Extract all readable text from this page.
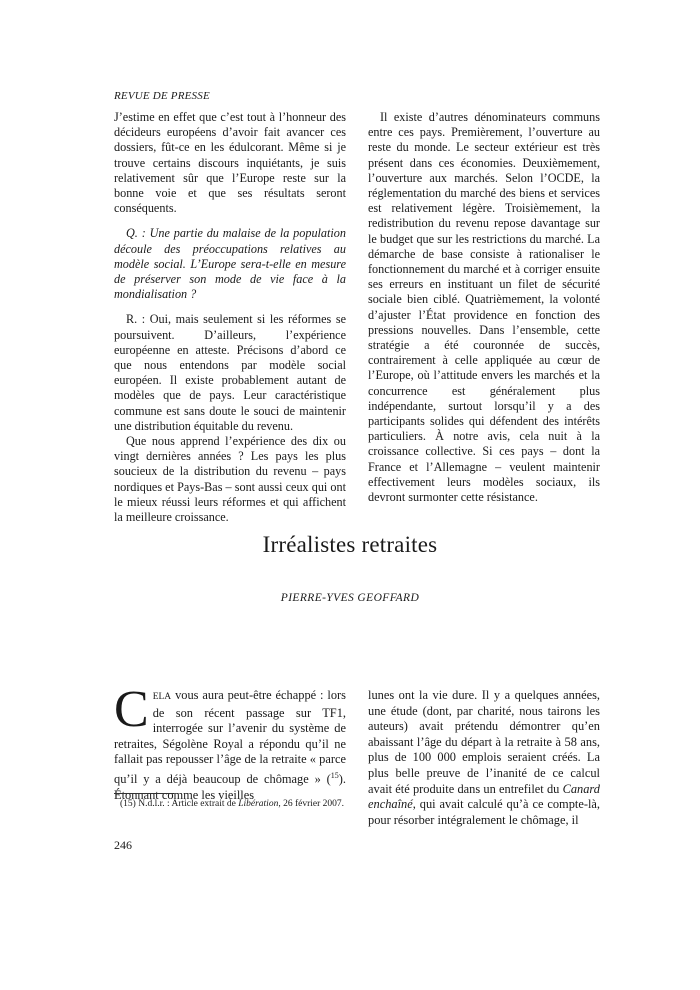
REVUE DE PRESSE

J’estime en effet que c’est tout à l’honneur des décideurs européens d’avoir fait avancer ces dossiers, fût-ce en les édulcorant. Même si je trouve certains discours inquiétants, je suis relativement sûr que l’Europe reste sur la bonne voie et que ses résultats seront conséquents.

Q. : Une partie du malaise de la population découle des préoccupations relatives au modèle social. L’Europe sera-t-elle en mesure de préserver son mode de vie face à la mondialisation ?

R. : Oui, mais seulement si les réformes se poursuivent. D’ailleurs, l’expérience européenne en atteste. Précisons d’abord ce que nous entendons par modèle social européen. Il existe probablement autant de modèles que de pays. Leur caractéristique commune est sans doute le souci de maintenir une distribution équitable du revenu.

Que nous apprend l’expérience des dix ou vingt dernières années ? Les pays les plus soucieux de la distribution du revenu – pays nordiques et Pays-Bas – sont aussi ceux qui ont le mieux réussi leurs réformes et qui affichent la meilleure croissance.

Il existe d’autres dénominateurs communs entre ces pays. Premièrement, l’ouverture au reste du monde. Le secteur extérieur est très présent dans ces économies. Deuxièmement, l’ouverture aux marchés. Selon l’OCDE, la réglementation du marché des biens et services est relativement légère. Troisièmement, la redistribution du revenu repose davantage sur le budget que sur les restrictions du marché. La démarche de base consiste à rationaliser le fonctionnement du marché et à corriger ensuite ses erreurs en instituant un filet de sécurité sociale bien ciblé. Quatrièmement, la volonté d’ajuster l’État providence en fonction des pressions nouvelles. Dans l’ensemble, cette stratégie a été couronnée de succès, contrairement à celle appliquée au cœur de l’Europe, où l’attitude envers les marchés et la concurrence est généralement plus indépendante, surtout lorsqu’il y a des participants solides qui défendent des intérêts particuliers. À notre avis, cela nuit à la croissance collective. Si ces pays – dont la France et l’Allemagne – veulent maintenir effectivement leurs modèles sociaux, ils devront surmonter cette résistance.

Irréalistes retraites
PIERRE-YVES GEOFFARD

CELA vous aura peut-être échappé : lors de son récent passage sur TF1, interrogée sur l’avenir du système de retraites, Ségolène Royal a répondu qu’il ne fallait pas repousser l’âge de la retraite « parce qu’il y a déjà beaucoup de chômage » ($^{15}$). Étonnant comme les vieilles

lunes ont la vie dure. Il y a quelques années, une étude (dont, par charité, nous tairons les auteurs) avait prétendu démontrer qu’en abaissant l’âge du départ à la retraite à 58 ans, plus de 100 000 emplois seraient créés. La plus belle preuve de l’inanité de ce calcul avait été produite dans un entrefilet du Canard enchaîné, qui avait calculé qu’à ce compte-là, pour résorber intégralement le chômage, il

(15) N.d.l.r. : Article extrait de Libération, 26 février 2007.
246
